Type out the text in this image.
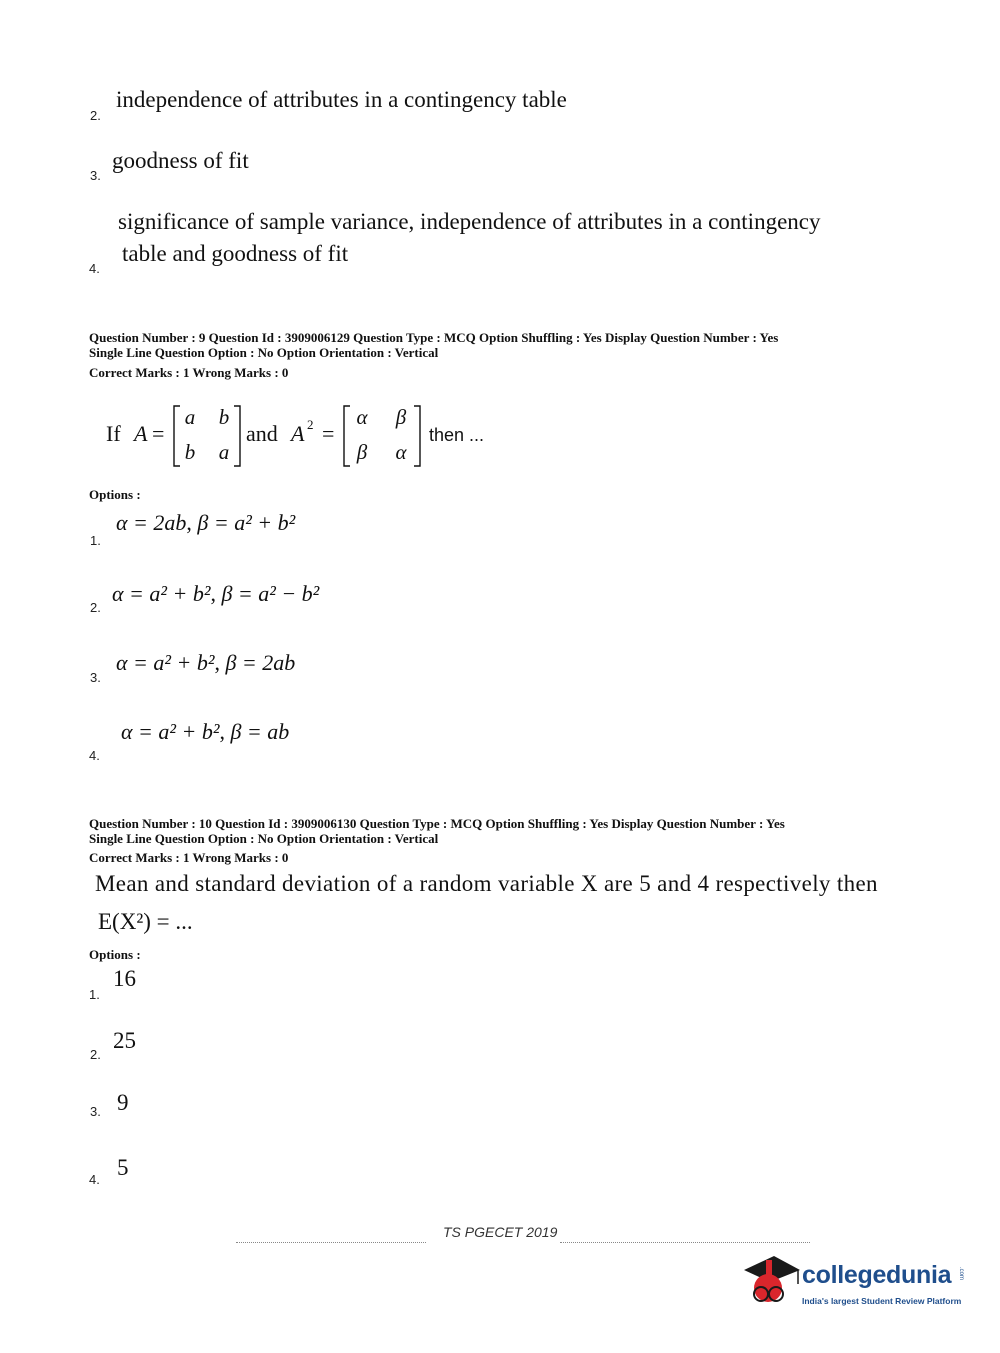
2.
independence of attributes in a contingency table
3.
goodness of fit
4.
significance of sample variance, independence of attributes in a contingency
table and goodness of fit
Question Number : 9 Question Id : 3909006129 Question Type : MCQ Option Shuffling : Yes Display Question Number : Yes
Single Line Question Option : No Option Orientation : Vertical
Correct Marks : 1 Wrong Marks : 0
If A =
a	b
b	a
and A 2 =
α	β
β	α
then ...
Options :
1.
α = 2ab, β = a² + b²
2.
α = a² + b², β = a² − b²
3.
α = a² + b², β = 2ab
4.
α = a² + b², β = ab
Question Number : 10 Question Id : 3909006130 Question Type : MCQ Option Shuffling : Yes Display Question Number : Yes
Single Line Question Option : No Option Orientation : Vertical
Correct Marks : 1 Wrong Marks : 0
Mean and standard deviation of a random variable X are 5 and 4 respectively then
E(X²) = ...
Options :
1.
16
2.
25
3. 9
4. 5
TS PGECET 2019
collegedunia .com
India's largest Student Review Platform
